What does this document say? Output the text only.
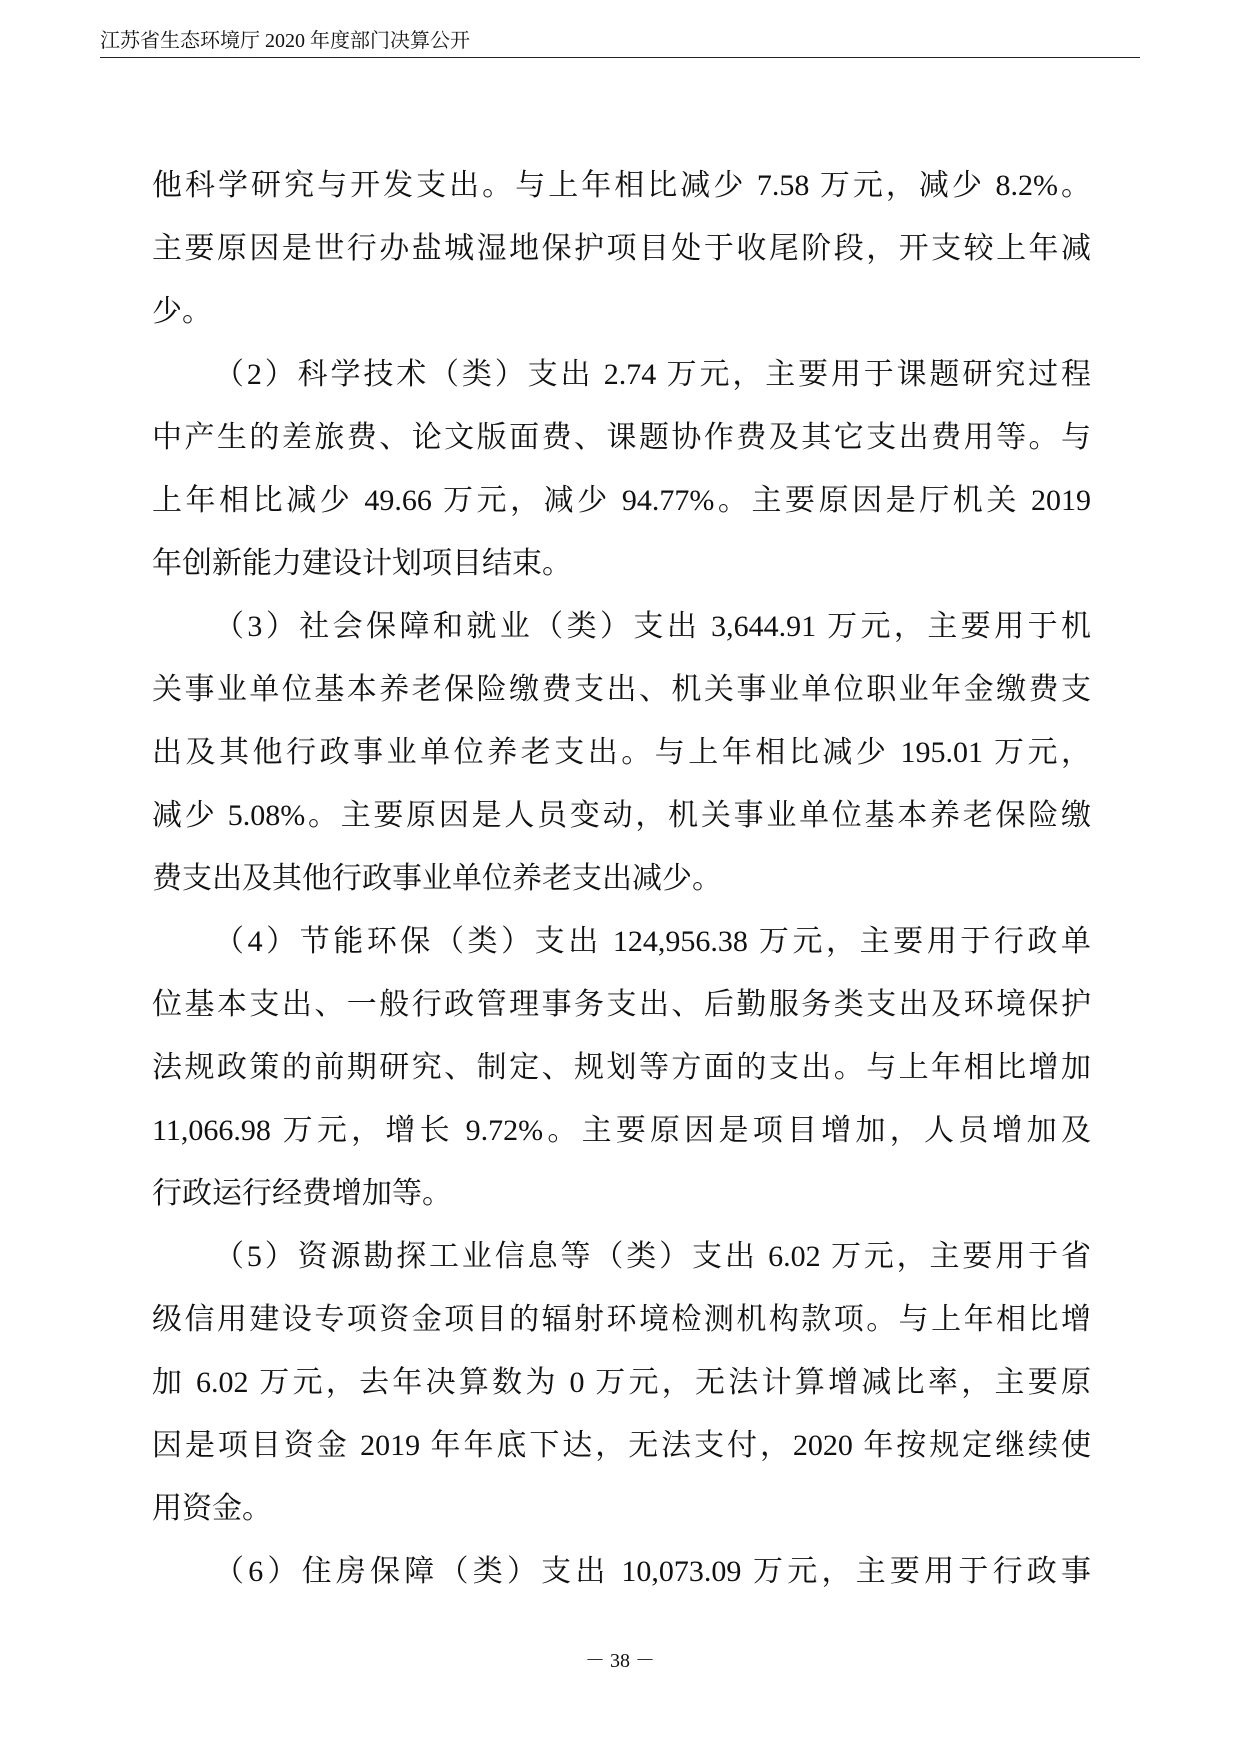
江苏省生态环境厅 2020 年度部门决算公开
他科学研究与开发支出。与上年相比减少 7.58 万元，减少 8.2%。
主要原因是世行办盐城湿地保护项目处于收尾阶段，开支较上年减
少。
（2）科学技术（类）支出 2.74 万元，主要用于课题研究过程
中产生的差旅费、论文版面费、课题协作费及其它支出费用等。与
上年相比减少 49.66 万元，减少 94.77%。主要原因是厅机关 2019
年创新能力建设计划项目结束。
（3）社会保障和就业（类）支出 3,644.91 万元，主要用于机
关事业单位基本养老保险缴费支出、机关事业单位职业年金缴费支
出及其他行政事业单位养老支出。与上年相比减少 195.01 万元，
减少 5.08%。主要原因是人员变动，机关事业单位基本养老保险缴
费支出及其他行政事业单位养老支出减少。
（4）节能环保（类）支出 124,956.38 万元，主要用于行政单
位基本支出、一般行政管理事务支出、后勤服务类支出及环境保护
法规政策的前期研究、制定、规划等方面的支出。与上年相比增加
11,066.98 万元，增长 9.72%。主要原因是项目增加，人员增加及
行政运行经费增加等。
（5）资源勘探工业信息等（类）支出 6.02 万元，主要用于省
级信用建设专项资金项目的辐射环境检测机构款项。与上年相比增
加 6.02 万元，去年决算数为 0 万元，无法计算增减比率，主要原
因是项目资金 2019 年年底下达，无法支付，2020 年按规定继续使
用资金。
（6）住房保障（类）支出 10,073.09 万元，主要用于行政事
－ 38 －
